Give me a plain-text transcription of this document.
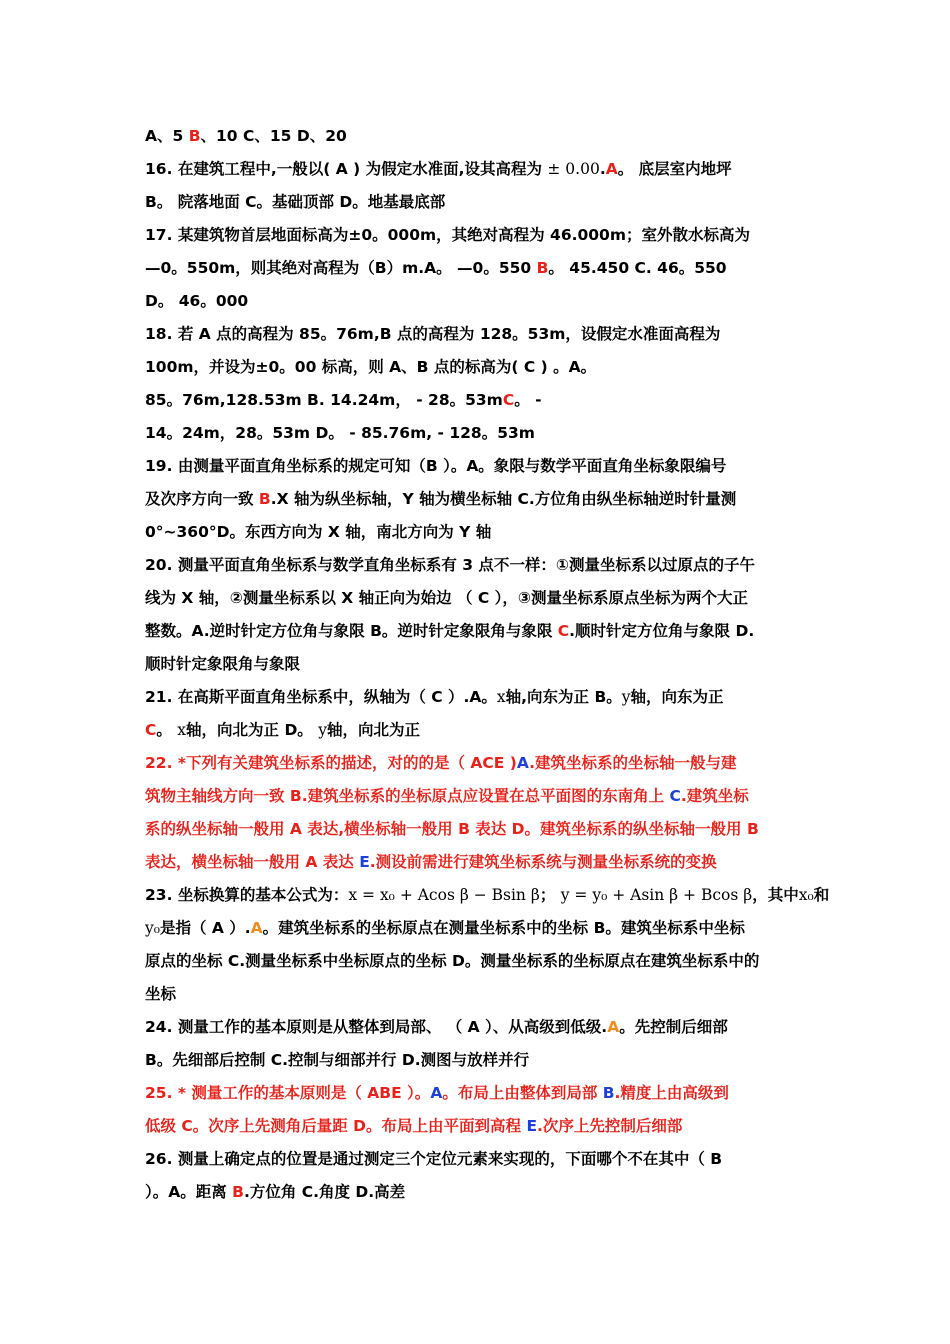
A、5 B、10 C、15 D、20
16. 在建筑工程中,一般以( A ) 为假定水准面,设其高程为 ± 0.00.A。 底层室内地坪
B。 院落地面 C。基础顶部 D。地基最底部
17. 某建筑物首层地面标高为±0。000m，其绝对高程为 46.000m；室外散水标高为
—0。550m，则其绝对高程为（B）m.A。 —0。550 B。 45.450 C. 46。550
D。 46。000
18. 若 A 点的高程为 85。76m,B 点的高程为 128。53m，设假定水准面高程为
100m，并设为±0。00 标高，则 A、B 点的标高为( C ) 。A。
85。76m,128.53m B. 14.24m， - 28。53mC。 -
14。24m，28。53m D。 - 85.76m, - 128。53m
19. 由测量平面直角坐标系的规定可知（B ）。A。象限与数学平面直角坐标象限编号
及次序方向一致 B.X 轴为纵坐标轴，Y 轴为横坐标轴 C.方位角由纵坐标轴逆时针量测
0°~360°D。东西方向为 X 轴，南北方向为 Y 轴
20. 测量平面直角坐标系与数学直角坐标系有 3 点不一样：①测量坐标系以过原点的子午
线为 X 轴，②测量坐标系以 X 轴正向为始边 （ C ），③测量坐标系原点坐标为两个大正
整数。A.逆时针定方位角与象限 B。逆时针定象限角与象限 C.顺时针定方位角与象限 D.
顺时针定象限角与象限
21. 在高斯平面直角坐标系中，纵轴为（ C ）.A。x轴,向东为正 B。y轴，向东为正
C。 x轴，向北为正 D。 y轴，向北为正
22. *下列有关建筑坐标系的描述，对的的是（ ACE )A.建筑坐标系的坐标轴一般与建
筑物主轴线方向一致 B.建筑坐标系的坐标原点应设置在总平面图的东南角上 C.建筑坐标
系的纵坐标轴一般用 A 表达,横坐标轴一般用 B 表达 D。建筑坐标系的纵坐标轴一般用 B
表达，横坐标轴一般用 A 表达 E.测设前需进行建筑坐标系统与测量坐标系统的变换
23. 坐标换算的基本公式为：x = x₀ + Acos β − Bsin β； y = y₀ + Asin β + Bcos β，其中x₀和
y₀是指（ A ）.A。建筑坐标系的坐标原点在测量坐标系中的坐标 B。建筑坐标系中坐标
原点的坐标 C.测量坐标系中坐标原点的坐标 D。测量坐标系的坐标原点在建筑坐标系中的
坐标
24. 测量工作的基本原则是从整体到局部、 （ A ）、从高级到低级.A。先控制后细部
B。先细部后控制 C.控制与细部并行 D.测图与放样并行
25. * 测量工作的基本原则是（ ABE ）。A。布局上由整体到局部 B.精度上由高级到
低级 C。次序上先测角后量距 D。布局上由平面到高程 E.次序上先控制后细部
26. 测量上确定点的位置是通过测定三个定位元素来实现的，下面哪个不在其中（ B
）。A。距离 B.方位角 C.角度 D.高差
